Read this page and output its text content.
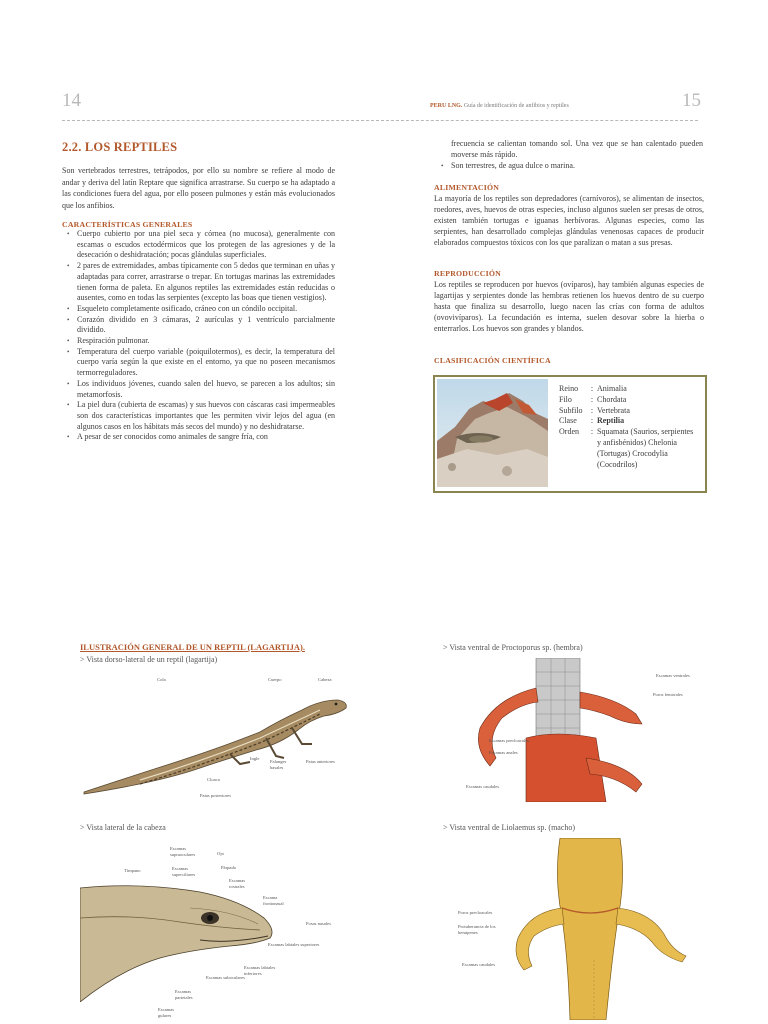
14	15
PERU LNG. Guía de identificación de anfibios y reptiles
2.2. LOS REPTILES
Son vertebrados terrestres, tetrápodos, por ello su nombre se refiere al modo de andar y deriva del latín Reptare que significa arrastrarse. Su cuerpo se ha adaptado a las condiciones fuera del agua, por ello poseen pulmones y están más evolucionados que los anfibios.
CARACTERÍSTICAS GENERALES
• Cuerpo cubierto por una piel seca y córnea (no mucosa), generalmente con escamas o escudos ectodérmicos que los protegen de las agresiones y de la desecación o deshidratación; pocas glándulas superficiales.
• 2 pares de extremidades, ambas típicamente con 5 dedos que terminan en uñas y adaptadas para correr, arrastrarse o trepar. En tortugas marinas las extremidades tienen forma de paleta. En algunos reptiles las extremidades están reducidas o ausentes, como en todas las serpientes (excepto las boas que tienen vestigios).
• Esqueleto completamente osificado, cráneo con un cóndilo occipital.
• Corazón dividido en 3 cámaras, 2 aurículas y 1 ventrículo parcialmente dividido.
• Respiración pulmonar.
• Temperatura del cuerpo variable (poiquilotermos), es decir, la temperatura del cuerpo varía según la que existe en el entorno, ya que no poseen mecanismos termorreguladores.
• Los individuos jóvenes, cuando salen del huevo, se parecen a los adultos; sin metamorfosis.
• La piel dura (cubierta de escamas) y sus huevos con cáscaras casi impermeables son dos características importantes que les permiten vivir lejos del agua (en algunos casos en los hábitats más secos del mundo) y no deshidratarse.
• A pesar de ser conocidos como animales de sangre fría, con
frecuencia se calientan tomando sol. Una vez que se han calentado pueden moverse más rápido.
• Son terrestres, de agua dulce o marina.
ALIMENTACIÓN
La mayoría de los reptiles son depredadores (carnívoros), se alimentan de insectos, roedores, aves, huevos de otras especies, incluso algunos suelen ser presas de otros, existen también tortugas e iguanas herbívoras. Algunas especies, como las serpientes, han desarrollado complejas glándulas venenosas capaces de producir elaborados compuestos tóxicos con los que paralizan o matan a sus presas.
REPRODUCCIÓN
Los reptiles se reproducen por huevos (ovíparos), hay también algunas especies de lagartijas y serpientes donde las hembras retienen los huevos dentro de su cuerpo hasta que finaliza su desarrollo, luego nacen las crías con forma de adultos (ovovivíparos). La fecundación es interna, suelen desovar sobre la hierba o enterrarlos. Los huevos son grandes y blandos.
CLASIFICACIÓN CIENTÍFICA
Reino	: Animalia
Filo	: Chordata
Subfilo	: Vertebrata
Clase	: Reptilia
Orden	: Squamata (Saurios, serpientes y anfisbénidos) Chelonia (Tortugas) Crocodylia (Cocodrilos)
ILUSTRACIÓN GENERAL DE UN REPTIL (LAGARTIJA).
> Vista dorso-lateral de un reptil (lagartija)
Cola	Cuerpo	Cabeza
Ingle
Falanges basales
Patas anteriores
Cloaca
Patas posteriores
> Vista lateral de la cabeza
Escamas supraoculares	Ojo
Tímpano	Escamas superciliares
Párpado
Escamas rostrales
Escama frontonasal
Fosas nasales
Escamas labiales superiores
Escamas labiales inferiores
Escamas suboculares
Escamas parietales
Escamas gulares
> Vista ventral de Proctoporus sp. (hembra)
Escamas ventrales
Poros femorales
Escamas precloacales
Escamas anales
Escamas caudales
> Vista ventral de Liolaemus sp. (macho)
Poros precloacales
Protuberancia de los hemipenes
Escamas caudales
